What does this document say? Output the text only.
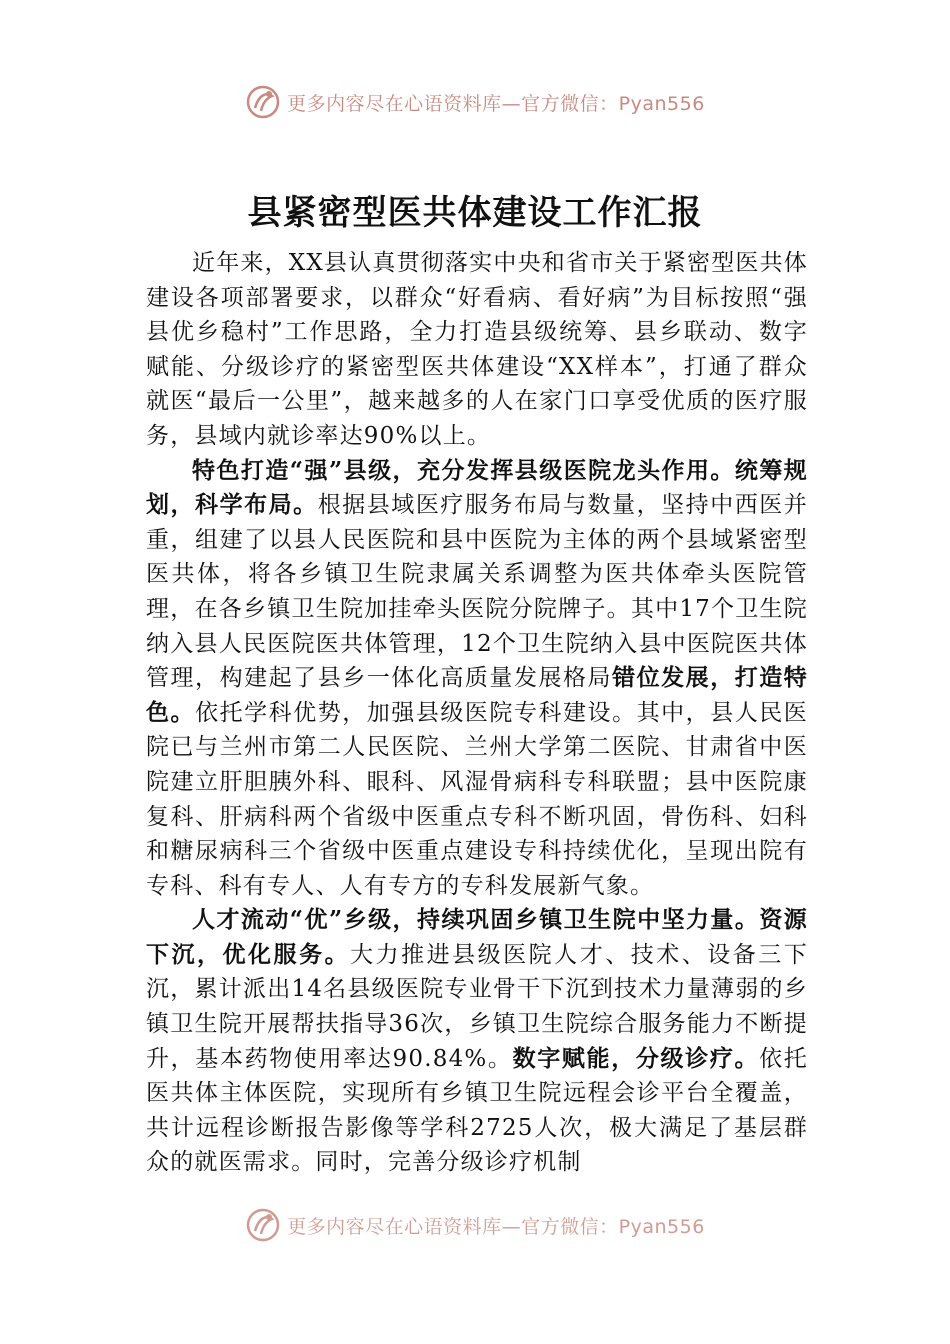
更多内容尽在心语资料库—官方微信：Pyan556
县紧密型医共体建设工作汇报

近年来，XX县认真贯彻落实中央和省市关于紧密型医共体建设各项部署要求，以群众“好看病、看好病”为目标按照“强县优乡稳村”工作思路，全力打造县级统筹、县乡联动、数字赋能、分级诊疗的紧密型医共体建设“XX样本”，打通了群众就医“最后一公里”，越来越多的人在家门口享受优质的医疗服务，县域内就诊率达90%以上。

特色打造“强”县级，充分发挥县级医院龙头作用。统筹规划，科学布局。根据县域医疗服务布局与数量，坚持中西医并重，组建了以县人民医院和县中医院为主体的两个县域紧密型医共体，将各乡镇卫生院隶属关系调整为医共体牵头医院管理，在各乡镇卫生院加挂牵头医院分院牌子。其中17个卫生院纳入县人民医院医共体管理，12个卫生院纳入县中医院医共体管理，构建起了县乡一体化高质量发展格局错位发展，打造特色。依托学科优势，加强县级医院专科建设。其中，县人民医院已与兰州市第二人民医院、兰州大学第二医院、甘肃省中医院建立肝胆胰外科、眼科、风湿骨病科专科联盟；县中医院康复科、肝病科两个省级中医重点专科不断巩固，骨伤科、妇科和糖尿病科三个省级中医重点建设专科持续优化，呈现出院有专科、科有专人、人有专方的专科发展新气象。

人才流动“优”乡级，持续巩固乡镇卫生院中坚力量。资源下沉，优化服务。大力推进县级医院人才、技术、设备三下沉，累计派出14名县级医院专业骨干下沉到技术力量薄弱的乡镇卫生院开展帮扶指导36次，乡镇卫生院综合服务能力不断提升，基本药物使用率达90.84%。数字赋能，分级诊疗。依托医共体主体医院，实现所有乡镇卫生院远程会诊平台全覆盖，共计远程诊断报告影像等学科2725人次，极大满足了基层群众的就医需求。同时，完善分级诊疗机制

更多内容尽在心语资料库—官方微信：Pyan556
